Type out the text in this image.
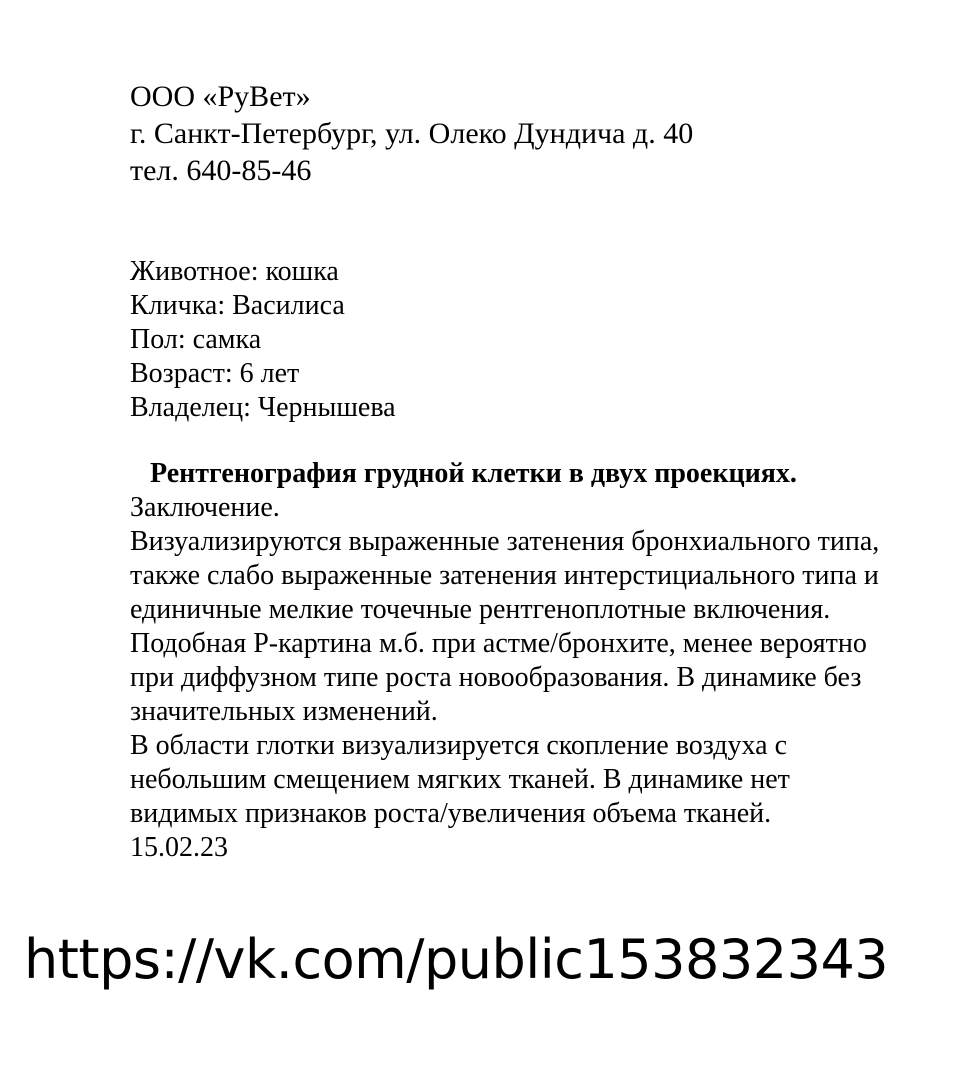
ООО «РуВет»
г. Санкт-Петербург, ул. Олеко Дундича д. 40
тел. 640-85-46
Животное: кошка
Кличка: Василиса
Пол: самка
Возраст: 6 лет
Владелец: Чернышева
Рентгенография грудной клетки в двух проекциях.
Заключение.
Визуализируются выраженные затенения бронхиального типа, также слабо выраженные затенения интерстициального типа и единичные мелкие точечные рентгеноплотные включения. Подобная Р-картина м.б. при астме/бронхите, менее вероятно при диффузном типе роста новообразования. В динамике без значительных изменений.
В области глотки визуализируется скопление воздуха с небольшим смещением мягких тканей. В динамике нет видимых признаков роста/увеличения объема тканей.
15.02.23
https://vk.com/public153832343
